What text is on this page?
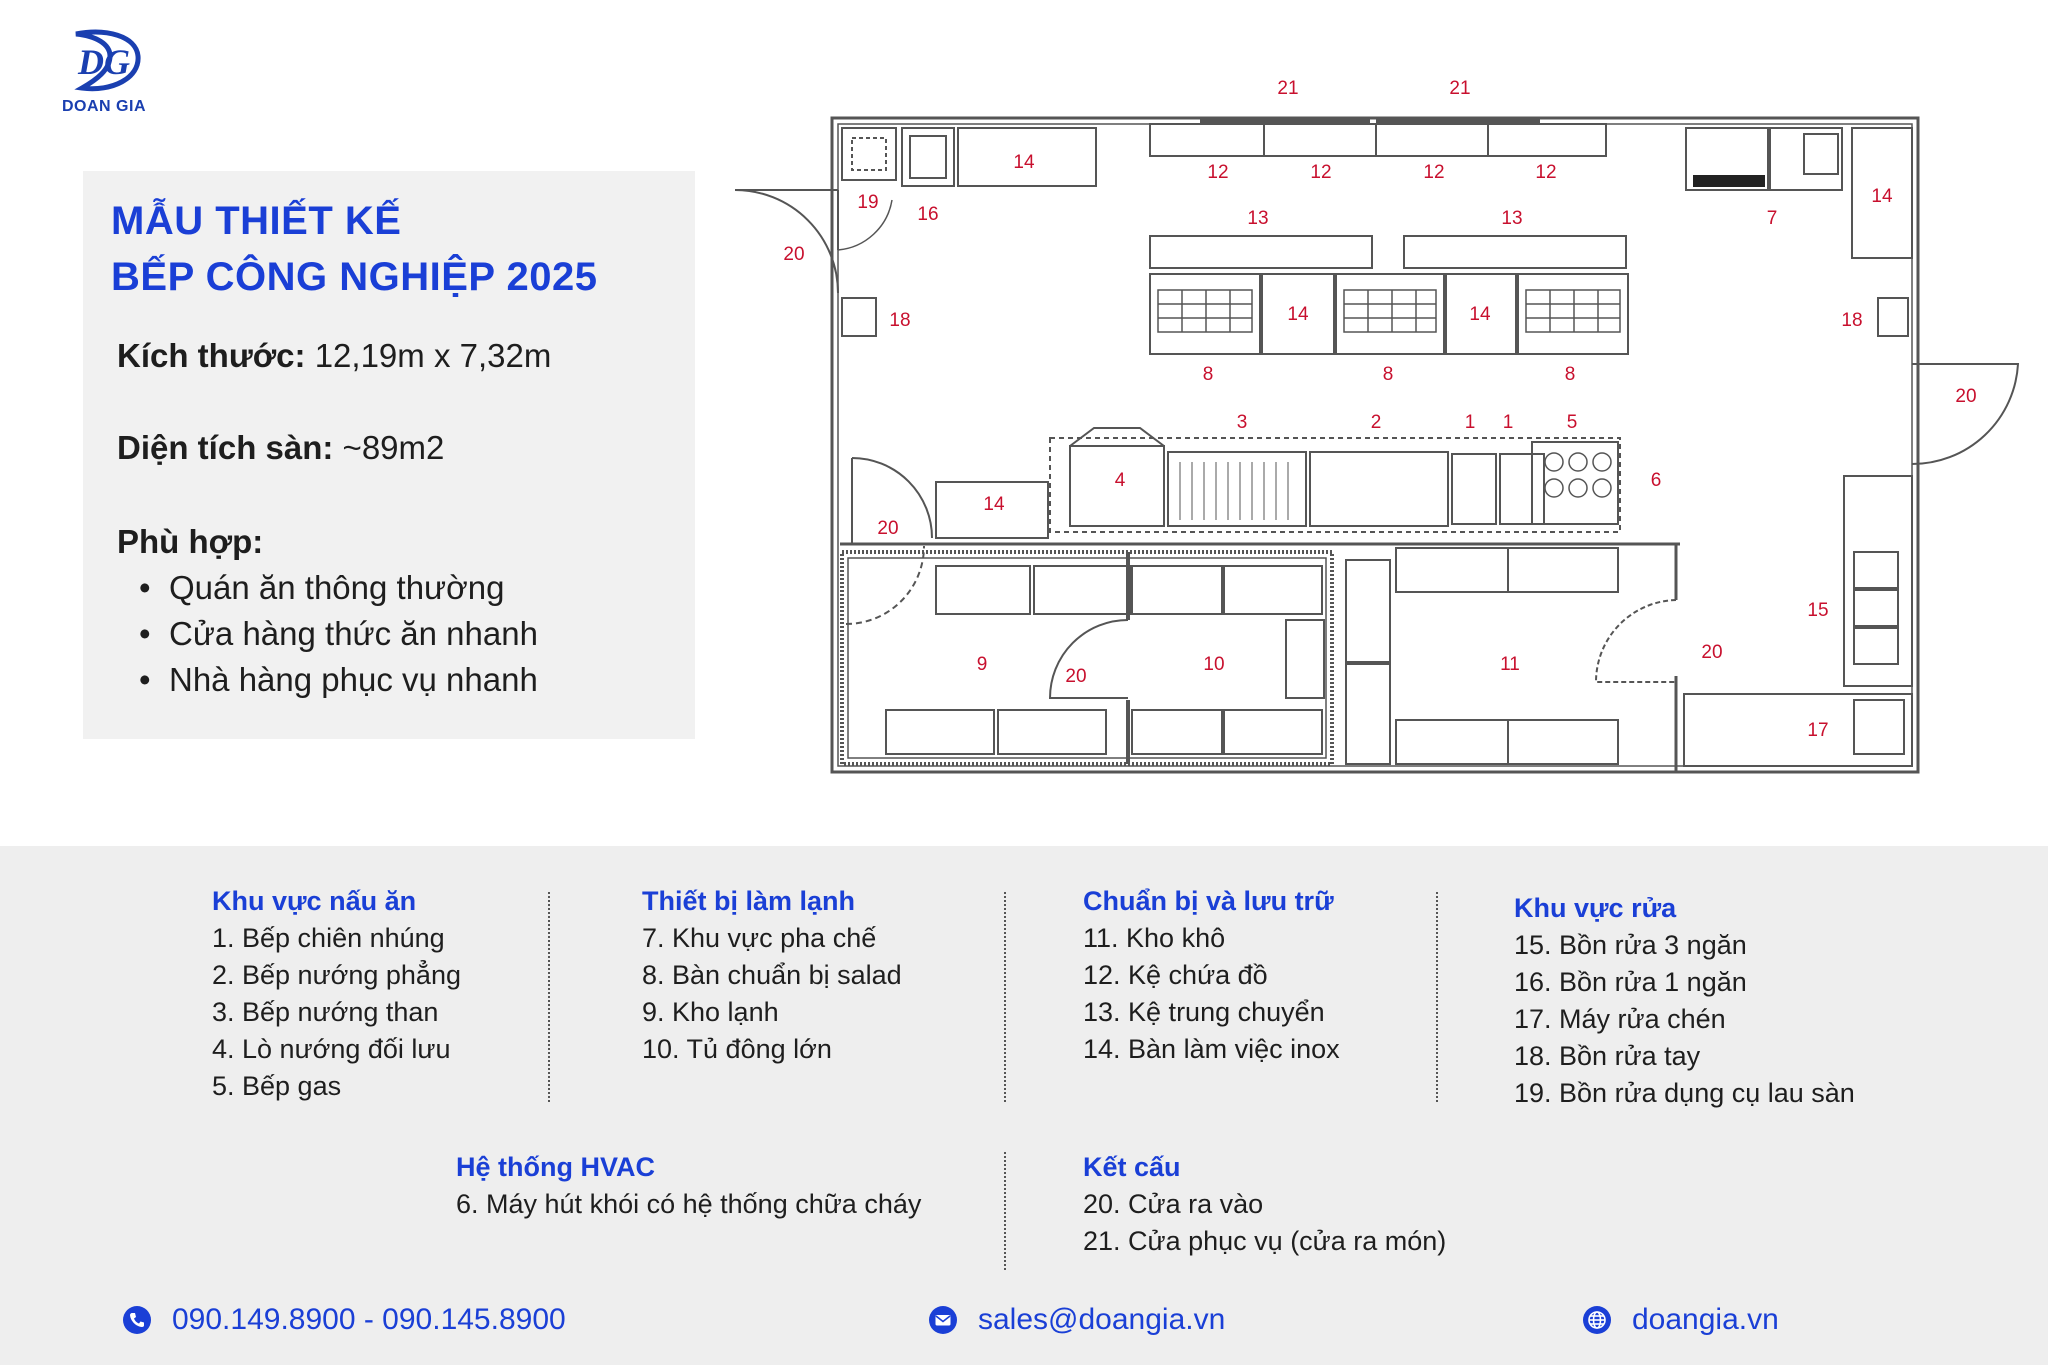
DG
DOAN GIA
MẪU THIẾT KẾ
BẾP CÔNG NGHIỆP 2025
Kích thước: 12,19m x 7,32m
Diện tích sàn: ~89m2
Phù hợp:
• Quán ăn thông thường
• Cửa hàng thức ăn nhanh
• Nhà hàng phục vụ nhanh
21	21
14	12	12	12	12
14
19
16	13	13	7
20
18	14	14	18
8	8	8
20
3	2	1 1	5
4	6
14
20
15
20
9	10	11
20
17
Khu vực nấu ăn
1. Bếp chiên nhúng
2. Bếp nướng phẳng
3. Bếp nướng than
4. Lò nướng đối lưu
5. Bếp gas
Thiết bị làm lạnh
7. Khu vực pha chế
8. Bàn chuẩn bị salad
9. Kho lạnh
10. Tủ đông lớn
Chuẩn bị và lưu trữ
11. Kho khô
12. Kệ chứa đồ
13. Kệ trung chuyển
14. Bàn làm việc inox
Khu vực rửa
15. Bồn rửa 3 ngăn
16. Bồn rửa 1 ngăn
17. Máy rửa chén
18. Bồn rửa tay
19. Bồn rửa dụng cụ lau sàn
Hệ thống HVAC
6. Máy hút khói có hệ thống chữa cháy
Kết cấu
20. Cửa ra vào
21. Cửa phục vụ (cửa ra món)
090.149.8900 - 090.145.8900	sales@doangia.vn	doangia.vn
